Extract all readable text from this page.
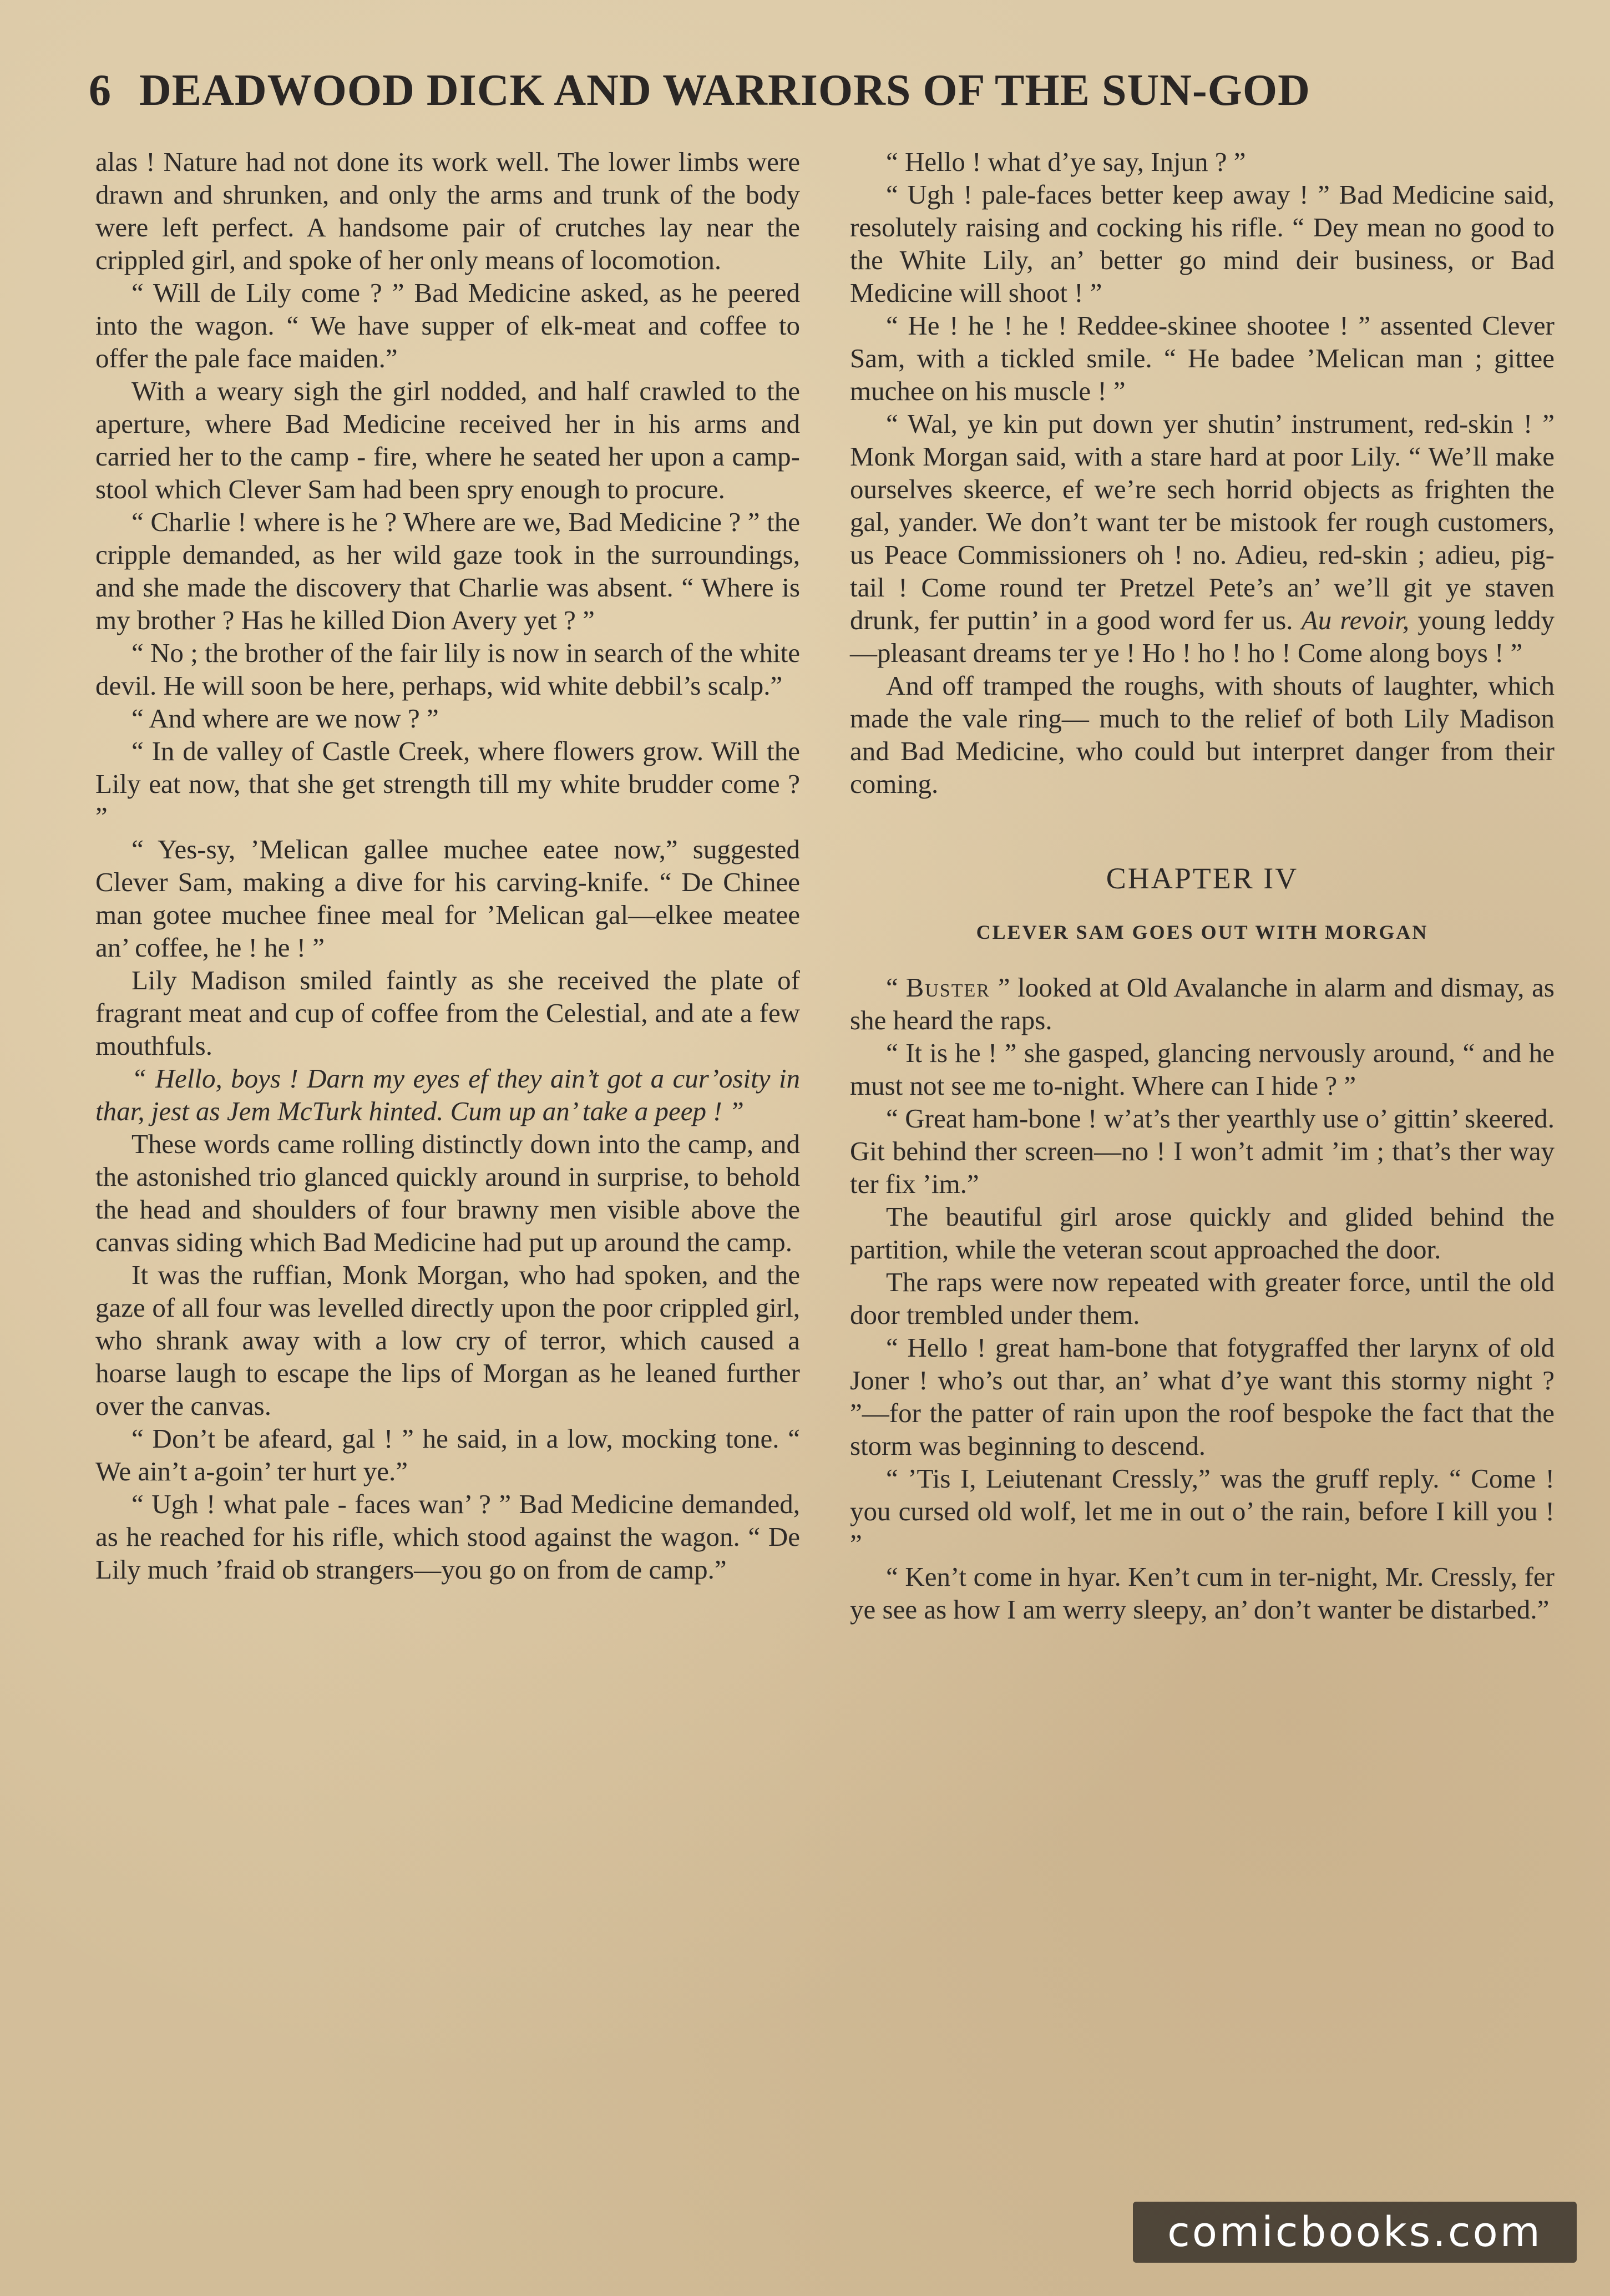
6 DEADWOOD DICK AND WARRIORS OF THE SUN-GOD

alas ! Nature had not done its work well. The lower limbs were drawn and shrunken, and only the arms and trunk of the body were left perfect. A handsome pair of crutches lay near the crippled girl, and spoke of her only means of locomotion.

“ Will de Lily come ? ” Bad Medicine asked, as he peered into the wagon. “ We have supper of elk-meat and coffee to offer the pale face maiden.”

With a weary sigh the girl nodded, and half crawled to the aperture, where Bad Medicine received her in his arms and carried her to the camp - fire, where he seated her upon a camp-stool which Clever Sam had been spry enough to procure.

“ Charlie ! where is he ? Where are we, Bad Medicine ? ” the cripple demanded, as her wild gaze took in the surroundings, and she made the discovery that Charlie was absent. “ Where is my brother ? Has he killed Dion Avery yet ? ”

“ No ; the brother of the fair lily is now in search of the white devil. He will soon be here, perhaps, wid white debbil’s scalp.”

“ And where are we now ? ”

“ In de valley of Castle Creek, where flowers grow. Will the Lily eat now, that she get strength till my white brudder come ? ”

“ Yes-sy, ’Melican gallee muchee eatee now,” suggested Clever Sam, making a dive for his carving-knife. “ De Chinee man gotee muchee finee meal for ’Melican gal—elkee meatee an’ coffee, he ! he ! ”

Lily Madison smiled faintly as she received the plate of fragrant meat and cup of coffee from the Celestial, and ate a few mouthfuls.

“ Hello, boys ! Darn my eyes ef they ain’t got a cur’osity in thar, jest as Jem McTurk hinted. Cum up an’ take a peep ! ”

These words came rolling distinctly down into the camp, and the astonished trio glanced quickly around in surprise, to behold the head and shoulders of four brawny men visible above the canvas siding which Bad Medicine had put up around the camp.

It was the ruffian, Monk Morgan, who had spoken, and the gaze of all four was levelled directly upon the poor crippled girl, who shrank away with a low cry of terror, which caused a hoarse laugh to escape the lips of Morgan as he leaned further over the canvas.

“ Don’t be afeard, gal ! ” he said, in a low, mocking tone. “ We ain’t a-goin’ ter hurt ye.”

“ Ugh ! what pale - faces wan’ ? ” Bad Medicine demanded, as he reached for his rifle, which stood against the wagon. “ De Lily much ’fraid ob strangers—you go on from de camp.”

“ Hello ! what d’ye say, Injun ? ”

“ Ugh ! pale-faces better keep away ! ” Bad Medicine said, resolutely raising and cocking his rifle. “ Dey mean no good to the White Lily, an’ better go mind deir business, or Bad Medicine will shoot ! ”

“ He ! he ! he ! Reddee-skinee shootee ! ” assented Clever Sam, with a tickled smile. “ He badee ’Melican man ; gittee muchee on his muscle ! ”

“ Wal, ye kin put down yer shutin’ instrument, red-skin ! ” Monk Morgan said, with a stare hard at poor Lily. “ We’ll make ourselves skeerce, ef we’re sech horrid objects as frighten the gal, yander. We don’t want ter be mistook fer rough customers, us Peace Commissioners oh ! no. Adieu, red-skin ; adieu, pig-tail ! Come round ter Pretzel Pete’s an’ we’ll git ye staven drunk, fer puttin’ in a good word fer us. Au revoir, young leddy—pleasant dreams ter ye ! Ho ! ho ! ho ! Come along boys ! ”

And off tramped the roughs, with shouts of laughter, which made the vale ring— much to the relief of both Lily Madison and Bad Medicine, who could but interpret danger from their coming.

CHAPTER IV

CLEVER SAM GOES OUT WITH MORGAN

“ Buster ” looked at Old Avalanche in alarm and dismay, as she heard the raps.

“ It is he ! ” she gasped, glancing nervously around, “ and he must not see me to-night. Where can I hide ? ”

“ Great ham-bone ! w’at’s ther yearthly use o’ gittin’ skeered. Git behind ther screen—no ! I won’t admit ’im ; that’s ther way ter fix ’im.”

The beautiful girl arose quickly and glided behind the partition, while the veteran scout approached the door.

The raps were now repeated with greater force, until the old door trembled under them.

“ Hello ! great ham-bone that fotygraffed ther larynx of old Joner ! who’s out thar, an’ what d’ye want this stormy night ? ”—for the patter of rain upon the roof bespoke the fact that the storm was beginning to descend.

“ ’Tis I, Leiutenant Cressly,” was the gruff reply. “ Come ! you cursed old wolf, let me in out o’ the rain, before I kill you ! ”

“ Ken’t come in hyar. Ken’t cum in ter-night, Mr. Cressly, fer ye see as how I am werry sleepy, an’ don’t wanter be distarbed.”

comicbooks.com
